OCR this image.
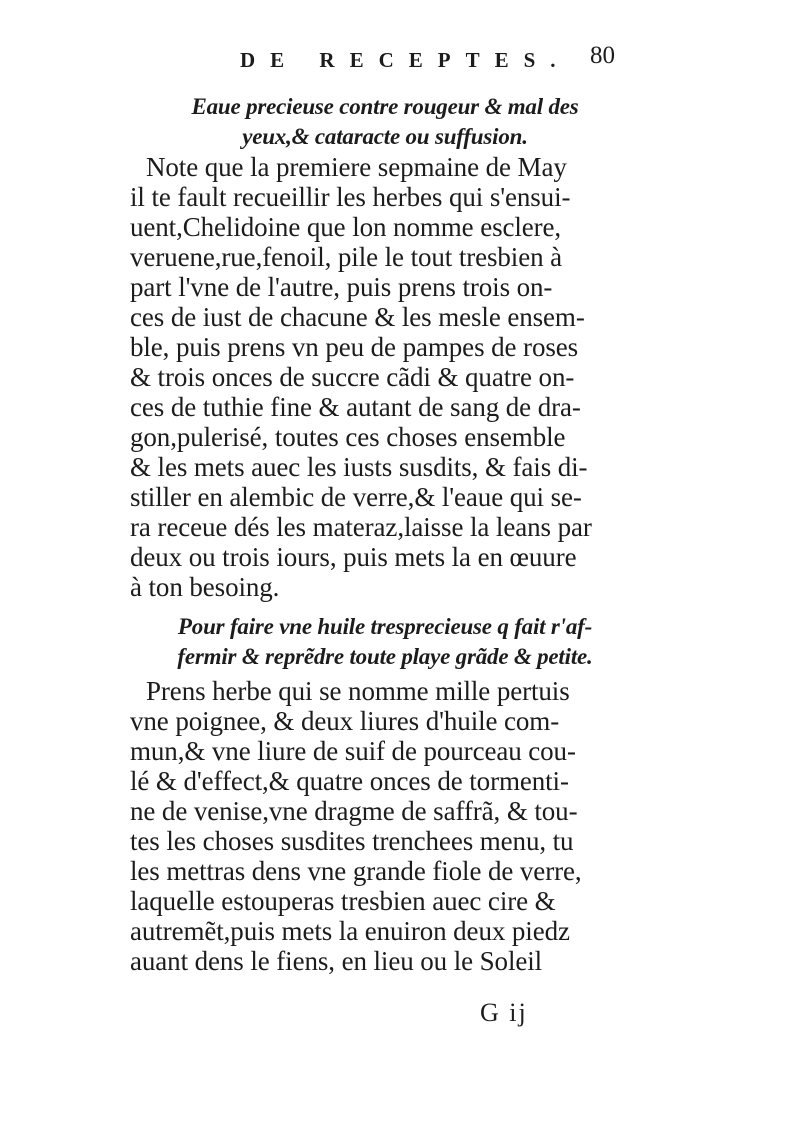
DE RECEPTES. 80
Eaue precieuse contre rougeur & mal des
yeux,& cataracte ou suffusion.
Note que la premiere sepmaine de May
il te fault recueillir les herbes qui s'ensui-
uent,Chelidoine que lon nomme esclere,
veruene,rue,fenoil, pile le tout tresbien à
part l'vne de l'autre, puis prens trois on-
ces de iust de chacune & les mesle ensem-
ble, puis prens vn peu de pampes de roses
& trois onces de succre cãdi & quatre on-
ces de tuthie fine & autant de sang de dra-
gon,pulerisé, toutes ces choses ensemble
& les mets auec les iusts susdits, & fais di-
stiller en alembic de verre,& l'eaue qui se-
ra receue dés les materaz,laisse la leans par
deux ou trois iours, puis mets la en œuure
à ton besoing.
Pour faire vne huile tresprecieuse q fait r'af-
fermir & reprẽdre toute playe grãde & petite.
Prens herbe qui se nomme mille pertuis
vne poignee, & deux liures d'huile com-
mun,& vne liure de suif de pourceau cou-
lé & d'effect,& quatre onces de tormenti-
ne de venise,vne dragme de saffrã, & tou-
tes les choses susdites trenchees menu, tu
les mettras dens vne grande fiole de verre,
laquelle estouperas tresbien auec cire &
autremẽt,puis mets la enuiron deux piedz
auant dens le fiens, en lieu ou le Soleil
G ij
